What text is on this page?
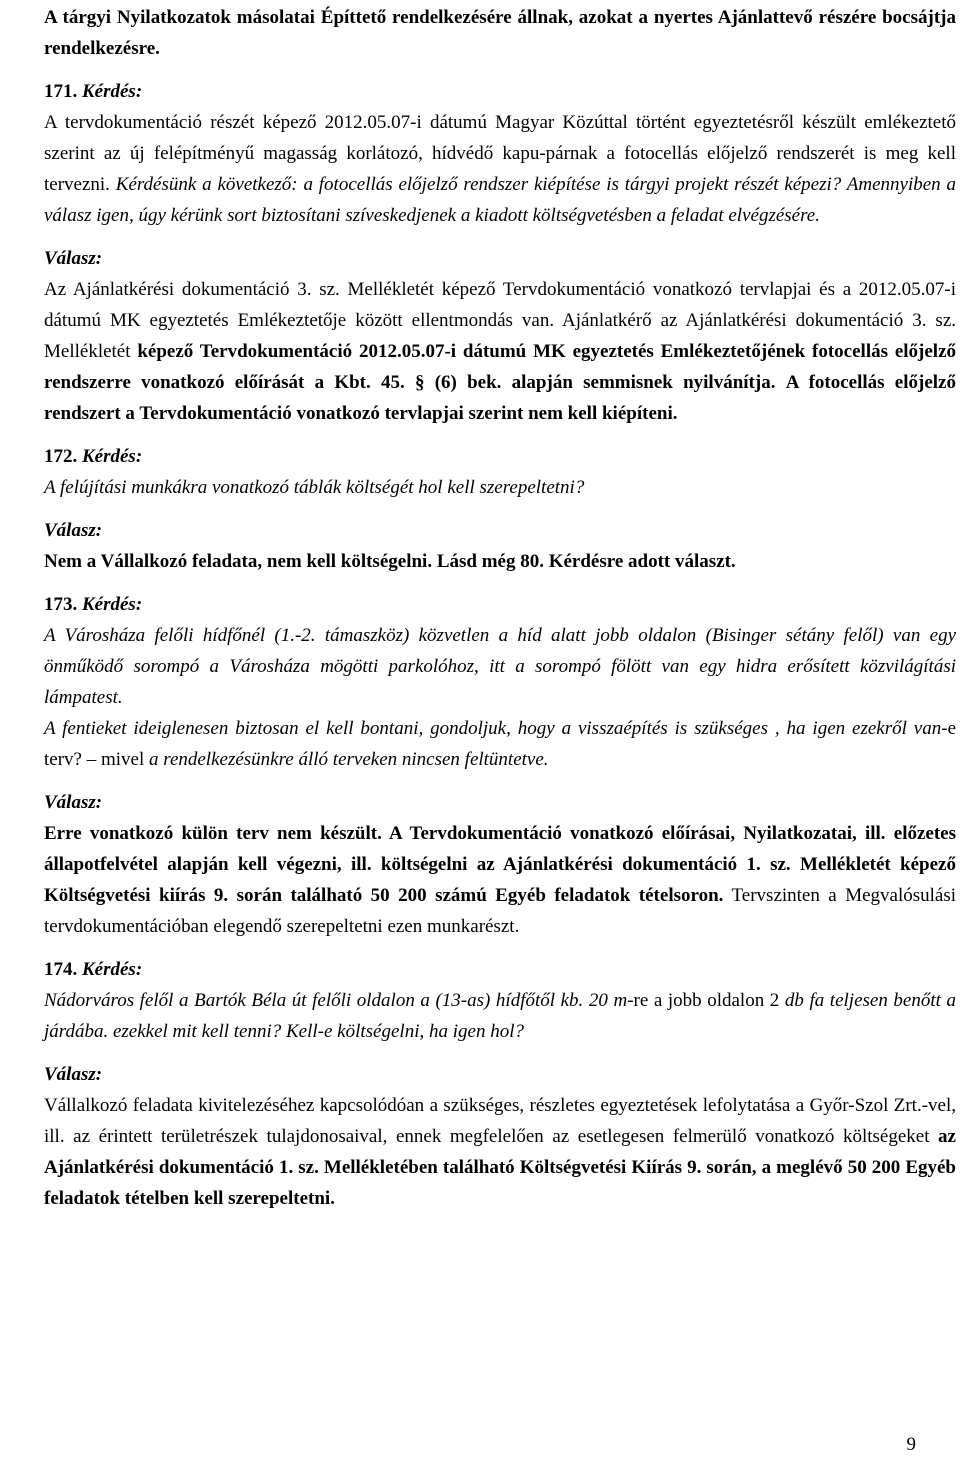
A tárgyi Nyilatkozatok másolatai Építtető rendelkezésére állnak, azokat a nyertes Ajánlattevő részére bocsájtja rendelkezésre.

171. Kérdés:

A tervdokumentáció részét képező 2012.05.07-i dátumú Magyar Közúttal történt egyeztetésről készült emlékeztető szerint az új felépítményű magasság korlátozó, hídvédő kapu-párnak a fotocellás előjelző rendszerét is meg kell tervezni. Kérdésünk a következő: a fotocellás előjelző rendszer kiépítése is tárgyi projekt részét képezi? Amennyiben a válasz igen, úgy kérünk sort biztosítani szíveskedjenek a kiadott költségvetésben a feladat elvégzésére.

Válasz:

Az Ajánlatkérési dokumentáció 3. sz. Mellékletét képező Tervdokumentáció vonatkozó tervlapjai és a 2012.05.07-i dátumú MK egyeztetés Emlékeztetője között ellentmondás van. Ajánlatkérő az Ajánlatkérési dokumentáció 3. sz. Mellékletét képező Tervdokumentáció 2012.05.07-i dátumú MK egyeztetés Emlékeztetőjének fotocellás előjelző rendszerre vonatkozó előírását a Kbt. 45. § (6) bek. alapján semmisnek nyilvánítja. A fotocellás előjelző rendszert a Tervdokumentáció vonatkozó tervlapjai szerint nem kell kiépíteni.

172. Kérdés:

A felújítási munkákra vonatkozó táblák költségét hol kell szerepeltetni?

Válasz:

Nem a Vállalkozó feladata, nem kell költségelni. Lásd még 80. Kérdésre adott választ.

173. Kérdés:

A Városháza felőli hídfőnél (1.-2. támaszköz) közvetlen a híd alatt jobb oldalon (Bisinger sétány felől) van egy önműködő sorompó a Városháza mögötti parkolóhoz, itt a sorompó fölött van egy hidra erősített közvilágítási lámpatest.

A fentieket ideiglenesen biztosan el kell bontani, gondoljuk, hogy a visszaépítés is szükséges , ha igen ezekről van-e terv? – mivel a rendelkezésünkre álló terveken nincsen feltüntetve.

Válasz:

Erre vonatkozó külön terv nem készült. A Tervdokumentáció vonatkozó előírásai, Nyilatkozatai, ill. előzetes állapotfelvétel alapján kell végezni, ill. költségelni az Ajánlatkérési dokumentáció 1. sz. Mellékletét képező Költségvetési kiírás 9. során található 50 200 számú Egyéb feladatok tételsoron. Tervszinten a Megvalósulási tervdokumentációban elegendő szerepeltetni ezen munkarészt.

174. Kérdés:

Nádorváros felől a Bartók Béla út felőli oldalon a (13-as) hídfőtől kb. 20 m-re a jobb oldalon 2 db fa teljesen benőtt a járdába. ezekkel mit kell tenni? Kell-e költségelni, ha igen hol?

Válasz:

Vállalkozó feladata kivitelezéséhez kapcsolódóan a szükséges, részletes egyeztetések lefolytatása a Győr-Szol Zrt.-vel, ill. az érintett területrészek tulajdonosaival, ennek megfelelően az esetlegesen felmerülő vonatkozó költségeket az Ajánlatkérési dokumentáció 1. sz. Mellékletében található Költségvetési Kiírás 9. során, a meglévő 50 200 Egyéb feladatok tételben kell szerepeltetni.

9
